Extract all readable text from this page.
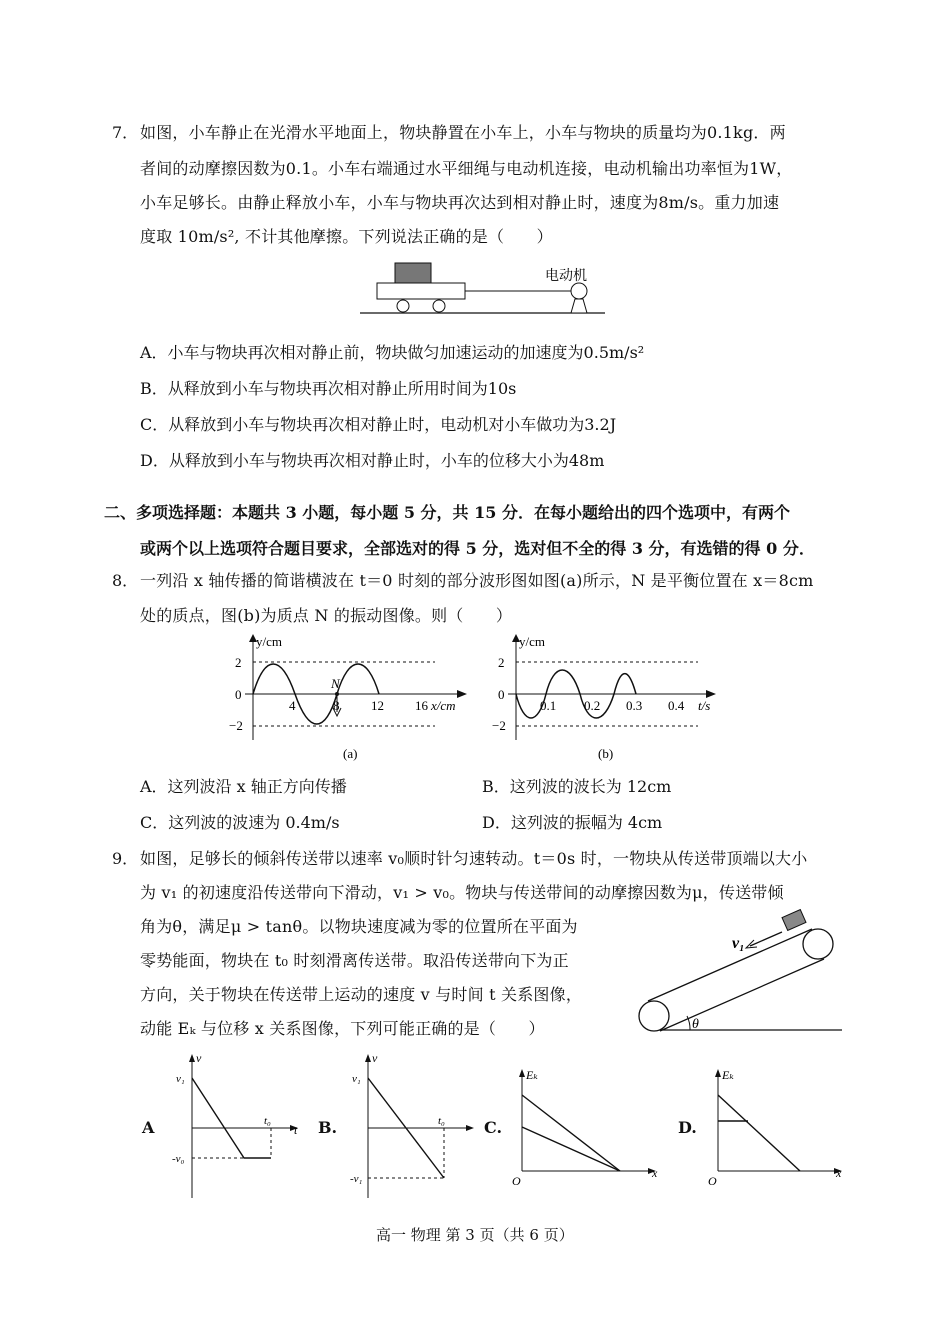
7． 如图，小车静止在光滑水平地面上，物块静置在小车上，小车与物块的质量均为0.1kg．两
者间的动摩擦因数为0.1。小车右端通过水平细绳与电动机连接，电动机输出功率恒为1W，
小车足够长。由静止释放小车，小车与物块再次达到相对静止时，速度为8m/s。重力加速
度取 10m/s², 不计其他摩擦。下列说法正确的是（　　）
电动机
A．小车与物块再次相对静止前，物块做匀加速运动的加速度为0.5m/s²
B．从释放到小车与物块再次相对静止所用时间为10s
C．从释放到小车与物块再次相对静止时，电动机对小车做功为3.2J
D．从释放到小车与物块再次相对静止时，小车的位移大小为48m
二、多项选择题：本题共 3 小题，每小题 5 分，共 15 分．在每小题给出的四个选项中，有两个
或两个以上选项符合题目要求，全部选对的得 5 分，选对但不全的得 3 分，有选错的得 0 分．
8． 一列沿 x 轴传播的简谐横波在 t＝0 时刻的部分波形图如图(a)所示，N 是平衡位置在 x＝8cm
处的质点，图(b)为质点 N 的振动图像。则（　　）
y/cm
2
0
−2
4
N
8 12 16 x/cm
(a)
y/cm
2
0
−2
0.1 0.2 0.3 0.4 t/s
(b)
A．这列波沿 x 轴正方向传播	B．这列波的波长为 12cm
C．这列波的波速为 0.4m/s	D．这列波的振幅为 4cm
9． 如图，足够长的倾斜传送带以速率 v₀顺时针匀速转动。t＝0s 时，一物块从传送带顶端以大小
为 v₁ 的初速度沿传送带向下滑动，v₁ > v₀。物块与传送带间的动摩擦因数为μ，传送带倾
角为θ，满足μ > tanθ。以物块速度减为零的位置所在平面为
零势能面，物块在 t₀ 时刻滑离传送带。取沿传送带向下为正
方向，关于物块在传送带上运动的速度 v 与时间 t 关系图像，
动能 Eₖ 与位移 x 关系图像，下列可能正确的是（　　）
v₁
θ
A
v
v₁
-v₀
t₀
t B.
v
v₁
-v₁
t₀ C.
Eₖ
O
x
D.
Eₖ
O
x
高一 物理 第 3 页（共 6 页）
